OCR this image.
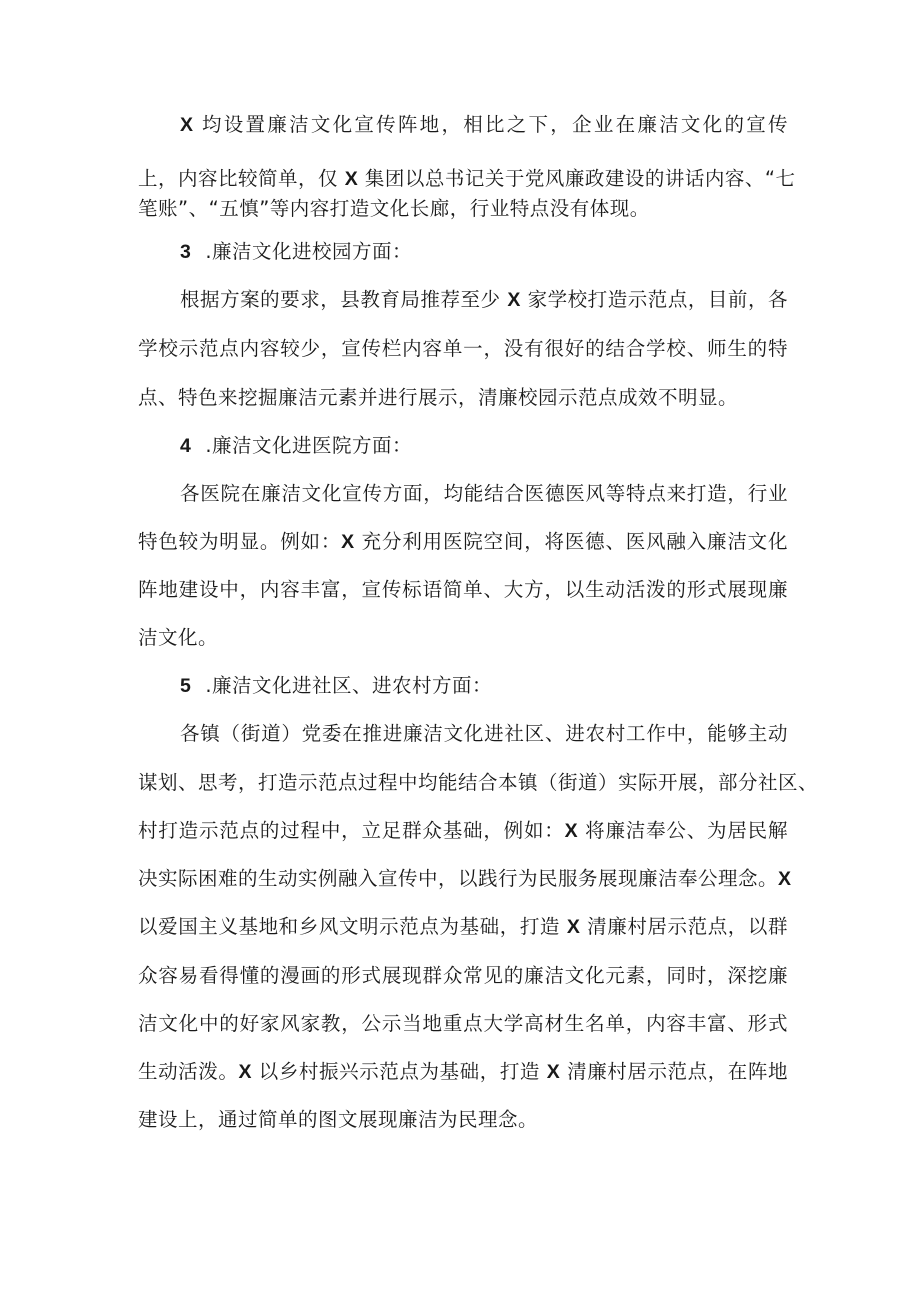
X 均设置廉洁文化宣传阵地，相比之下，企业在廉洁文化的宣传
上，内容比较简单，仅 X 集团以总书记关于党风廉政建设的讲话内容、“七
笔账”、“五慎”等内容打造文化长廊，行业特点没有体现。
3 .廉洁文化进校园方面：
根据方案的要求，县教育局推荐至少 X 家学校打造示范点，目前，各
学校示范点内容较少，宣传栏内容单一，没有很好的结合学校、师生的特
点、特色来挖掘廉洁元素并进行展示，清廉校园示范点成效不明显。
4 .廉洁文化进医院方面：
各医院在廉洁文化宣传方面，均能结合医德医风等特点来打造，行业
特色较为明显。例如：X 充分利用医院空间，将医德、医风融入廉洁文化
阵地建设中，内容丰富，宣传标语简单、大方，以生动活泼的形式展现廉
洁文化。
5 .廉洁文化进社区、进农村方面：
各镇（街道）党委在推进廉洁文化进社区、进农村工作中，能够主动
谋划、思考，打造示范点过程中均能结合本镇（街道）实际开展，部分社区、
村打造示范点的过程中，立足群众基础，例如：X 将廉洁奉公、为居民解
决实际困难的生动实例融入宣传中，以践行为民服务展现廉洁奉公理念。X
以爱国主义基地和乡风文明示范点为基础，打造 X 清廉村居示范点，以群
众容易看得懂的漫画的形式展现群众常见的廉洁文化元素，同时，深挖廉
洁文化中的好家风家教，公示当地重点大学高材生名单，内容丰富、形式
生动活泼。X 以乡村振兴示范点为基础，打造 X 清廉村居示范点，在阵地
建设上，通过简单的图文展现廉洁为民理念。
